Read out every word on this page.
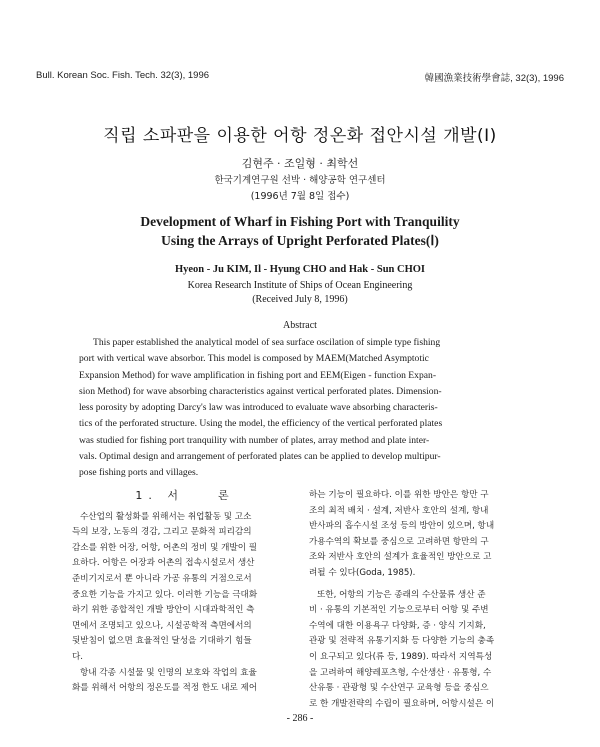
Bull. Korean Soc. Fish. Tech. 32(3), 1996	韓國漁業技術學會誌, 32(3), 1996
직립 소파판을 이용한 어항 정온화 접안시설 개발(Ⅰ)
김현주 · 조일형 · 최학선
한국기계연구원 선박 · 해양공학 연구센터
(1996년 7월 8일 접수)
Development of Wharf in Fishing Port with Tranquility
Using the Arrays of Upright Perforated Plates(Ⅰ)
Hyeon - Ju KIM, Il - Hyung CHO and Hak - Sun CHOI
Korea Research Institute of Ships of Ocean Engineering
(Received July 8, 1996)
Abstract
This paper established the analytical model of sea surface oscilation of simple type fishing
port with vertical wave absorbor. This model is composed by MAEM(Matched Asymptotic
Expansion Method) for wave amplification in fishing port and EEM(Eigen - function Expan-
sion Method) for wave absorbing characteristics against vertical perforated plates. Dimension-
less porosity by adopting Darcy's law was introduced to evaluate wave absorbing characteris-
tics of the perforated structure. Using the model, the efficiency of the vertical perforated plates
was studied for fishing port tranquility with number of plates, array method and plate inter-
vals. Optimal design and arrangement of perforated plates can be applied to develop multipur-
pose fishing ports and villages.
1. 서　　론
수산업의 활성화를 위해서는 취업활동 및 고소
득의 보장, 노동의 경감, 그리고 문화적 피리감의
감소를 위한 어장, 어항, 어촌의 정비 및 개발이 필
요하다. 어항은 어장과 어촌의 접속시설로서 생산
준비기지로서 뿐 아니라 가공 유통의 거점으로서
중요한 기능을 가지고 있다. 이러한 기능을 극대화
하기 위한 종합적인 개발 방안이 시대과학적인 측
면에서 조명되고 있으나, 시설공학적 측면에서의
뒷받침이 없으면 효율적인 달성을 기대하기 힘들
다.
항내 각종 시설물 및 인명의 보호와 작업의 효율
화를 위해서 어항의 정온도를 적정 한도 내로 제어
하는 기능이 필요하다. 이를 위한 방안은 항만 구
조의 최적 배치 · 설계, 저반사 호안의 설계, 항내
반사파의 흡수시설 조성 등의 방안이 있으며, 항내
가용수역의 확보를 중심으로 고려하면 항만의 구
조와 저반사 호안의 설계가 효율적인 방안으로 고
려될 수 있다(Goda, 1985).
또한, 어항의 기능은 종래의 수산물류 생산 준
비 · 유통의 기본적인 기능으로부터 어항 및 주변
수역에 대한 이용욕구 다양화, 증 · 양식 기지화,
관광 및 전략적 유통기지화 등 다양한 기능의 충족
이 요구되고 있다(류 등, 1989). 따라서 지역특성
을 고려하여 해양레포츠형, 수산생산 · 유통형, 수
산유통 · 관광형 및 수산연구 교육형 등을 중심으
로 한 개발전략의 수립이 필요하며, 어항시설은 이
- 286 -
